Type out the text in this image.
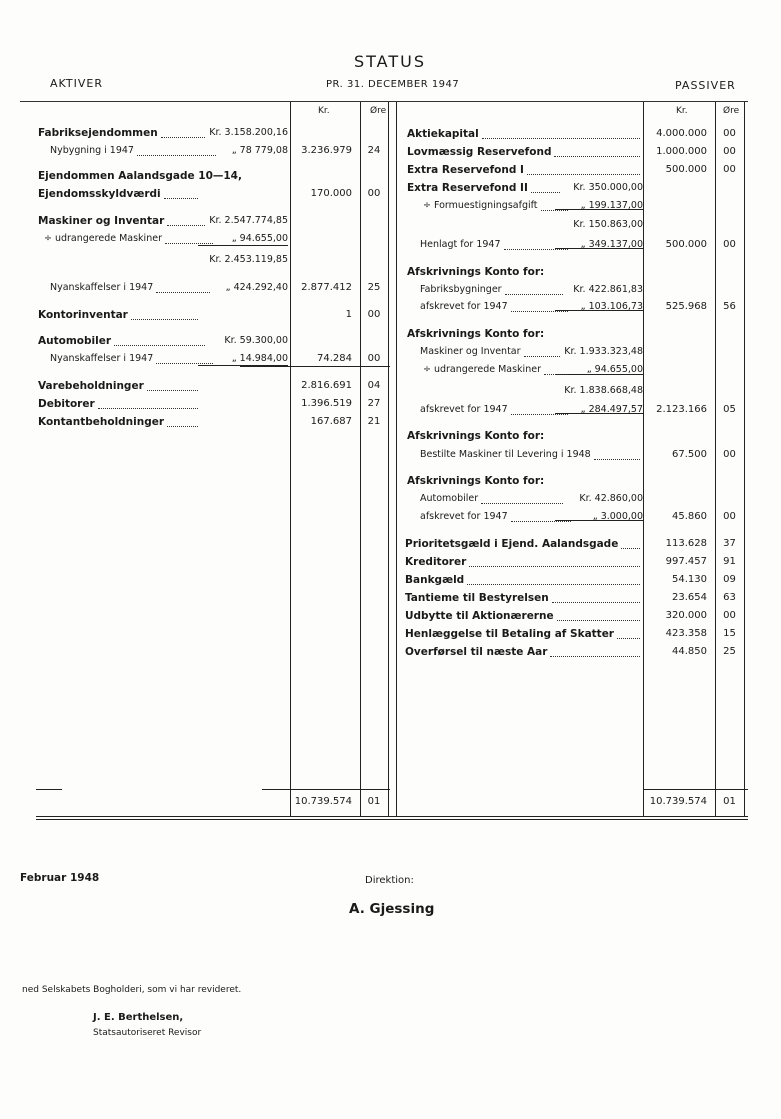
STATUS
AKTIVER	PR. 31. DECEMBER 1947	PASSIVER
Kr.	Øre	Kr.	Øre
10.739.574	01	10.739.574	01
Fabriksejendommen	Kr. 3.158.200,16
Nybygning i 1947	„ 78 779,08	3.236.979	24
Ejendommen Aalandsgade 10—14,
Ejendomsskyldværdi	170.000	00
Maskiner og Inventar	Kr. 2.547.774,85
÷ udrangerede Maskiner	„ 94.655,00
Kr. 2.453.119,85
Nyanskaffelser i 1947	„ 424.292,40	2.877.412	25
Kontorinventar	1	00
Automobiler	Kr. 59.300,00
Nyanskaffelser i 1947	„ 14.984,00	74.284	00
Varebeholdninger	2.816.691	04
Debitorer	1.396.519	27
Kontantbeholdninger	167.687	21
Aktiekapital	4.000.000	00
Lovmæssig Reservefond	1.000.000	00
Extra Reservefond I	500.000	00
Extra Reservefond II	Kr. 350.000,00
÷ Formuestigningsafgift	„ 199.137,00
Kr. 150.863,00
Henlagt for 1947	„ 349.137,00	500.000	00
Afskrivnings Konto for:
Fabriksbygninger	Kr. 422.861,83
afskrevet for 1947	„ 103.106,73	525.968	56
Afskrivnings Konto for:
Maskiner og Inventar	Kr. 1.933.323,48
÷ udrangerede Maskiner	„ 94.655,00
Kr. 1.838.668,48
afskrevet for 1947	„ 284.497,57	2.123.166	05
Afskrivnings Konto for:
Bestilte Maskiner til Levering i 1948	67.500	00
Afskrivnings Konto for:
Automobiler	Kr. 42.860,00
afskrevet for 1947	„ 3.000,00	45.860	00
Prioritetsgæld i Ejend. Aalandsgade	113.628	37
Kreditorer	997.457	91
Bankgæld	54.130	09
Tantieme til Bestyrelsen	23.654	63
Udbytte til Aktionærerne	320.000	00
Henlæggelse til Betaling af Skatter	423.358	15
Overførsel til næste Aar	44.850	25
Februar 1948	Direktion:
A. Gjessing
ned Selskabets Bogholderi, som vi har revideret.
J. E. Berthelsen,
Statsautoriseret Revisor
